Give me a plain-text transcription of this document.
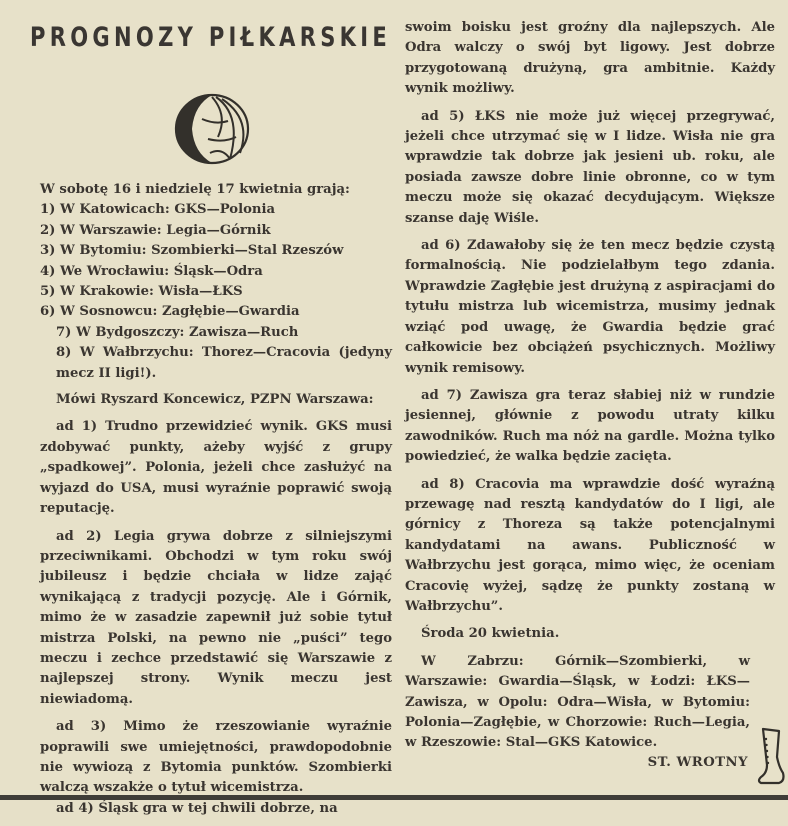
PROGNOZY PIŁKARSKIE
W sobotę 16 i niedzielę 17 kwietnia grają:
1) W Katowicach: GKS—Polonia
2) W Warszawie: Legia—Górnik
3) W Bytomiu: Szombierki—Stal Rzeszów
4) We Wrocławiu: Śląsk—Odra
5) W Krakowie: Wisła—ŁKS
6) W Sosnowcu: Zagłębie—Gwardia
7) W Bydgoszczy: Zawisza—Ruch
8) W Wałbrzychu: Thorez—Cracovia (jedyny mecz II ligi!).

Mówi Ryszard Koncewicz, PZPN Warszawa:

ad 1) Trudno przewidzieć wynik. GKS musi zdobywać punkty, ażeby wyjść z grupy „spadkowej”. Polonia, jeżeli chce zasłużyć na wyjazd do USA, musi wyraźnie poprawić swoją reputację.

ad 2) Legia grywa dobrze z silniejszymi przeciwnikami. Obchodzi w tym roku swój jubileusz i będzie chciała w lidze zająć wynikającą z tradycji pozycję. Ale i Górnik, mimo że w zasadzie zapewnił już sobie tytuł mistrza Polski, na pewno nie „puści” tego meczu i zechce przedstawić się Warszawie z najlepszej strony. Wynik meczu jest niewiadomą.

ad 3) Mimo że rzeszowianie wyraźnie poprawili swe umiejętności, prawdopodobnie nie wywiozą z Bytomia punktów. Szombierki walczą wszakże o tytuł wicemistrza.

ad 4) Śląsk gra w tej chwili dobrze, na

swoim boisku jest groźny dla najlepszych. Ale Odra walczy o swój byt ligowy. Jest dobrze przygotowaną drużyną, gra ambitnie. Każdy wynik możliwy.

ad 5) ŁKS nie może już więcej przegrywać, jeżeli chce utrzymać się w I lidze. Wisła nie gra wprawdzie tak dobrze jak jesieni ub. roku, ale posiada zawsze dobre linie obronne, co w tym meczu może się okazać decydującym. Większe szanse daję Wiśle.

ad 6) Zdawałoby się że ten mecz będzie czystą formalnością. Nie podzielałbym tego zdania. Wprawdzie Zagłębie jest drużyną z aspiracjami do tytułu mistrza lub wicemistrza, musimy jednak wziąć pod uwagę, że Gwardia będzie grać całkowicie bez obciążeń psychicznych. Możliwy wynik remisowy.

ad 7) Zawisza gra teraz słabiej niż w rundzie jesiennej, głównie z powodu utraty kilku zawodników. Ruch ma nóż na gardle. Można tylko powiedzieć, że walka będzie zacięta.

ad 8) Cracovia ma wprawdzie dość wyraźną przewagę nad resztą kandydatów do I ligi, ale górnicy z Thoreza są także potencjalnymi kandydatami na awans. Publiczność w Wałbrzychu jest gorąca, mimo więc, że oceniam Cracovię wyżej, sądzę że punkty zostaną w Wałbrzychu”.

Środa 20 kwietnia.

W Zabrzu: Górnik—Szombierki, w Warszawie: Gwardia—Śląsk, w Łodzi: ŁKS—Zawisza, w Opolu: Odra—Wisła, w Bytomiu: Polonia—Zagłębie, w Chorzowie: Ruch—Legia, w Rzeszowie: Stal—GKS Katowice.

ST. WROTNY
